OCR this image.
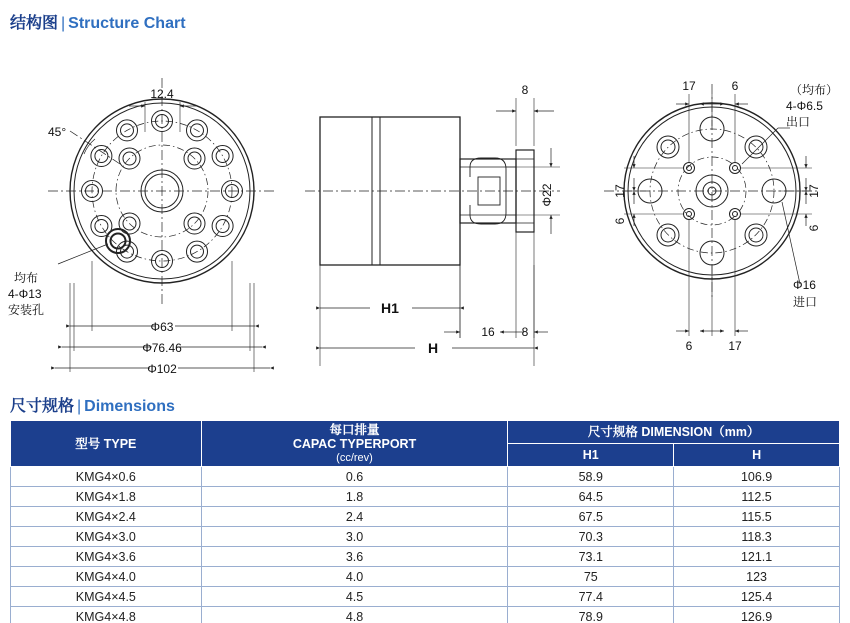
结构图 | Structure Chart
12.4
45°
均布
4-Φ13
安装孔
Φ63
Φ76.46
Φ102
8
Φ22
16 8
H1
H
17	6	（均布）
4-Φ6.5
出口
17
6
17
6
6	17
Φ16
进口
尺寸规格 | Dimensions
型号 TYPE	每口排量
CAPAC TYPERPORT
(cc/rev)	尺寸规格 DIMENSION（mm）	
		H1	H
KMG4×0.6	0.6	58.9	106.9
KMG4×1.8	1.8	64.5	112.5
KMG4×2.4	2.4	67.5	115.5
KMG4×3.0	3.0	70.3	118.3
KMG4×3.6	3.6	73.1	121.1
KMG4×4.0	4.0	75	123
KMG4×4.5	4.5	77.4	125.4
KMG4×4.8	4.8	78.9	126.9
